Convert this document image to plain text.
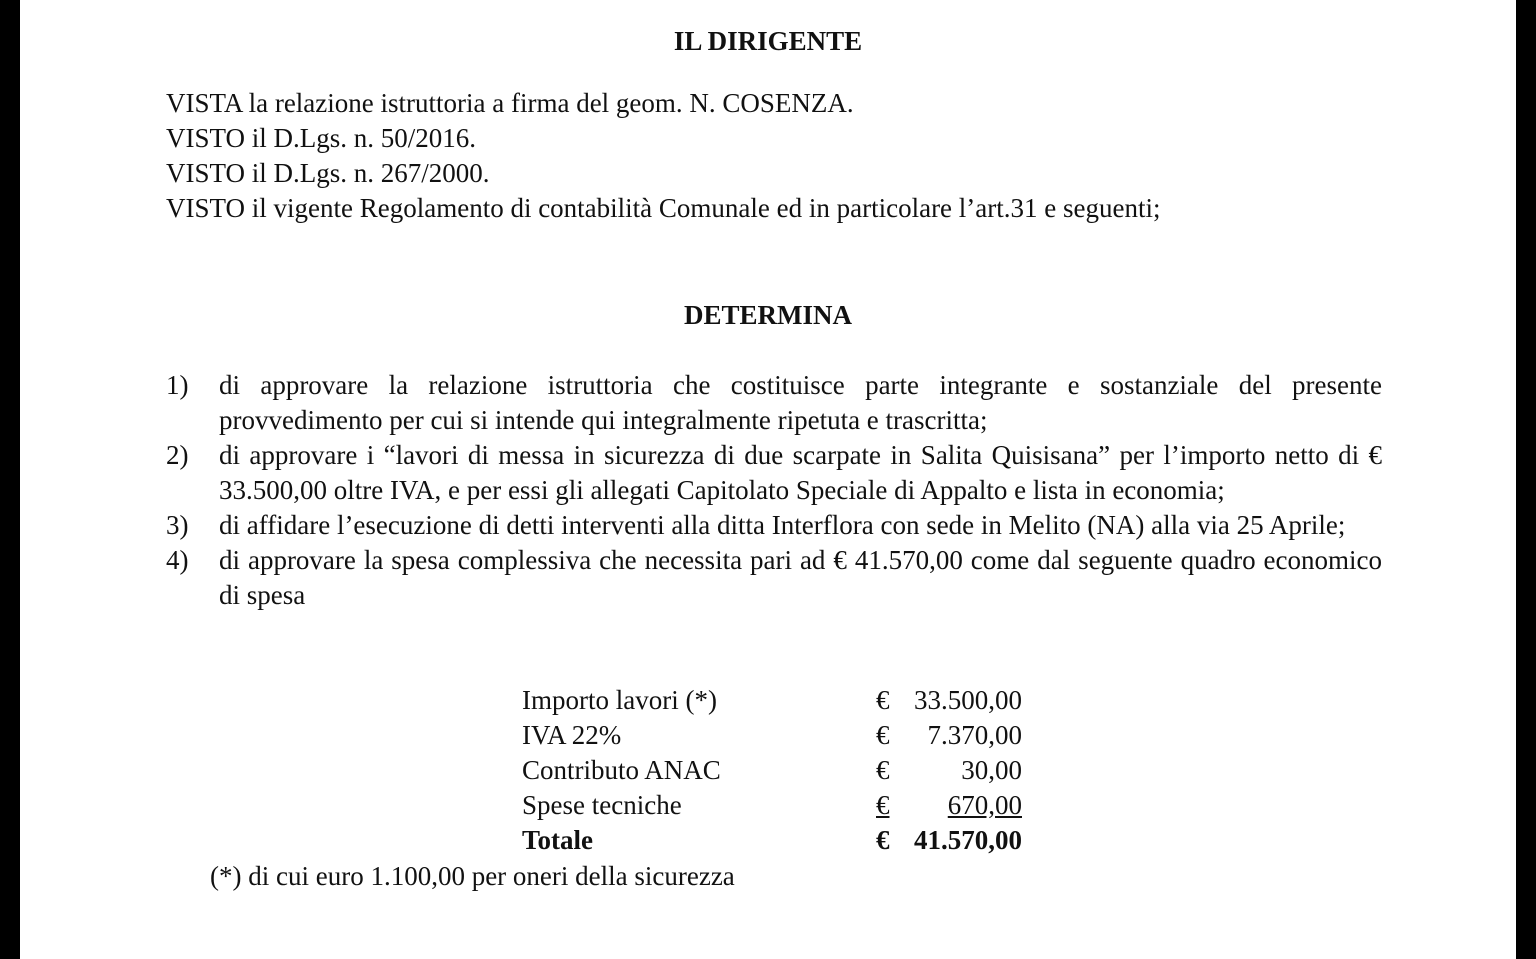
IL DIRIGENTE
VISTA la relazione istruttoria a firma del geom. N. COSENZA.
VISTO il D.Lgs. n. 50/2016.
VISTO il D.Lgs. n. 267/2000.
VISTO il vigente Regolamento di contabilità Comunale ed in particolare l’art.31 e seguenti;
DETERMINA
1) di approvare la relazione istruttoria che costituisce parte integrante e sostanziale del presente provvedimento per cui si intende qui integralmente ripetuta e trascritta;
2) di approvare i “lavori di messa in sicurezza di due scarpate in Salita Quisisana” per l’importo netto di € 33.500,00 oltre IVA, e per essi gli allegati Capitolato Speciale di Appalto e lista in economia;
3) di affidare l’esecuzione di detti interventi alla ditta Interflora con sede in Melito (NA) alla via 25 Aprile;
4) di approvare la spesa complessiva che necessita pari ad € 41.570,00 come dal seguente quadro economico di spesa
Importo lavori (*)	€ 33.500,00

IVA 22%	€ 7.370,00

Contributo ANAC	€ 30,00

Spese tecniche	€ 670,00

Totale	€ 41.570,00
(*) di cui euro 1.100,00 per oneri della sicurezza
